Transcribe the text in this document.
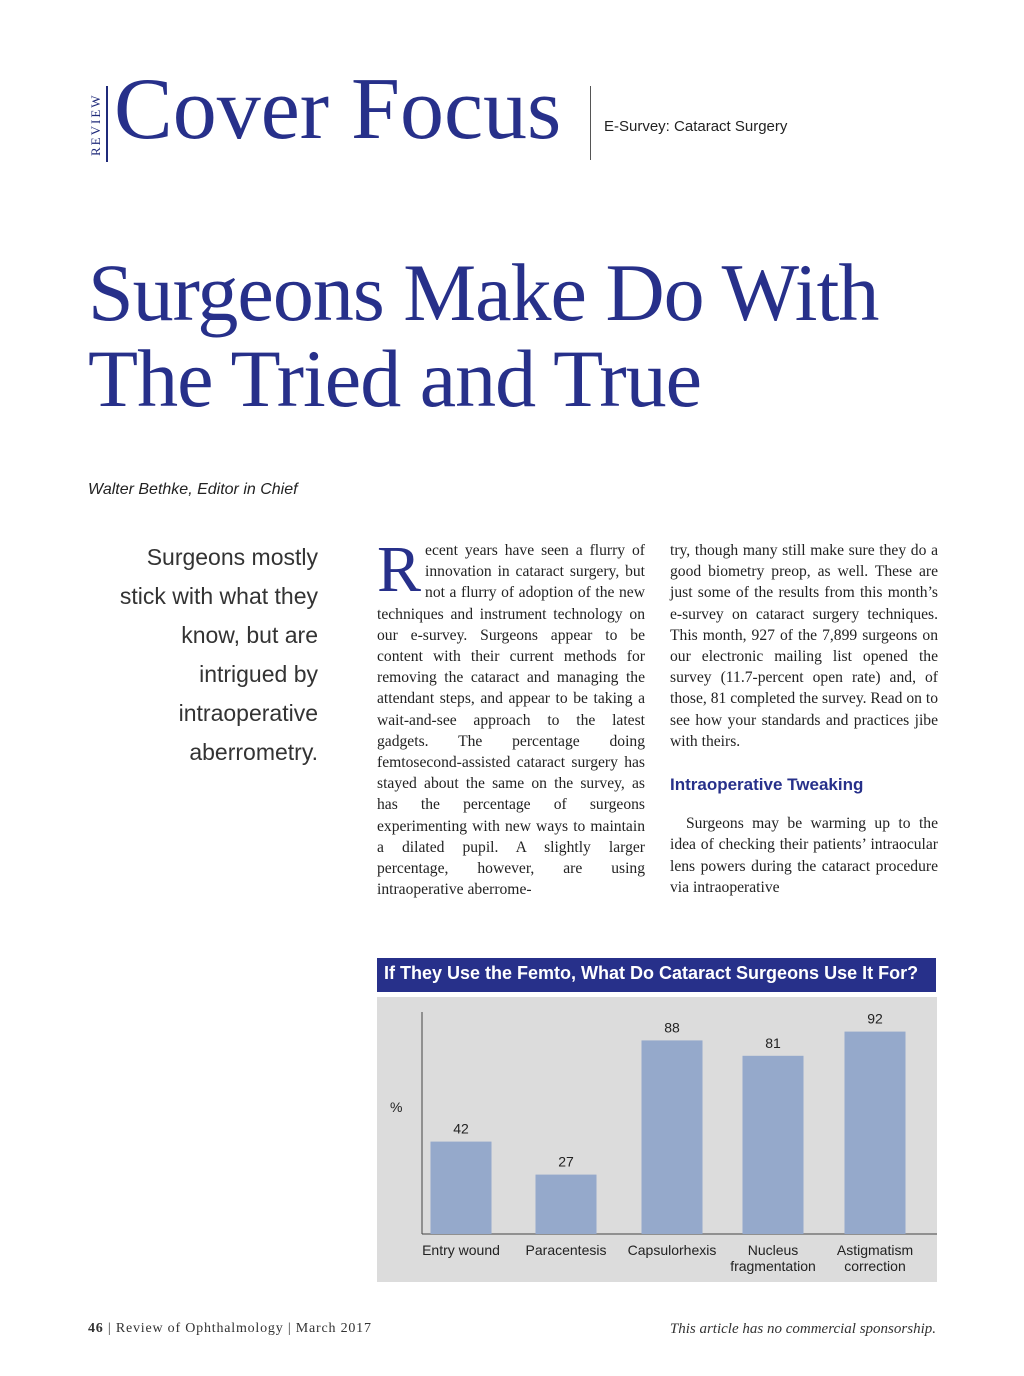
REVIEW Cover Focus	E-Survey: Cataract Surgery
Surgeons Make Do With
The Tried and True
Walter Bethke, Editor in Chief
Surgeons mostly stick with what they know, but are intrigued by intraoperative aberrometry.

Recent years have seen a flurry of innovation in cataract surgery, but not a flurry of adoption of the new techniques and instrument technology on our e-survey. Surgeons appear to be content with their current methods for removing the cataract and managing the attendant steps, and appear to be taking a wait-and-see approach to the latest gadgets. The percentage doing femtosecond-assisted cataract surgery has stayed about the same on the survey, as has the percentage of surgeons experimenting with new ways to maintain a dilated pupil. A slightly larger percentage, however, are using intraoperative aberrome-

try, though many still make sure they do a good biometry preop, as well. These are just some of the results from this month’s e-survey on cataract surgery techniques. This month, 927 of the 7,899 surgeons on our electronic mailing list opened the survey (11.7-percent open rate) and, of those, 81 completed the survey. Read on to see how your standards and practices jibe with theirs.

Intraoperative Tweaking

Surgeons may be warming up to the idea of checking their patients’ intraocular lens powers during the cataract procedure via intraoperative

If They Use the Femto, What Do Cataract Surgeons Use It For?
%
42
Entry wound
27
Paracentesis
88
Capsulorhexis
81
Nucleus
fragmentation
92
Astigmatism
correction
46 | Review of Ophthalmology | March 2017	This article has no commercial sponsorship.
